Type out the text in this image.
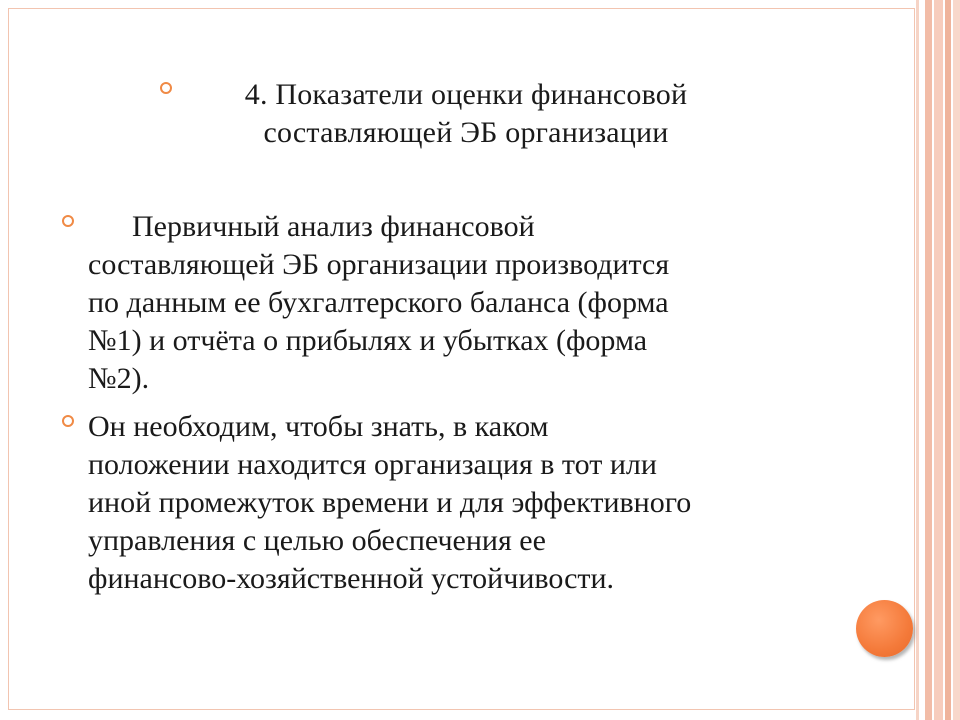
4. Показатели оценки финансовой
составляющей ЭБ организации
Первичный анализ финансовой
составляющей ЭБ организации производится
по данным ее бухгалтерского баланса (форма
№1) и отчёта о прибылях и убытках (форма
№2).
Он необходим, чтобы знать, в каком
положении находится организация в тот или
иной промежуток времени и для эффективного
управления с целью обеспечения ее
финансово-хозяйственной устойчивости.
